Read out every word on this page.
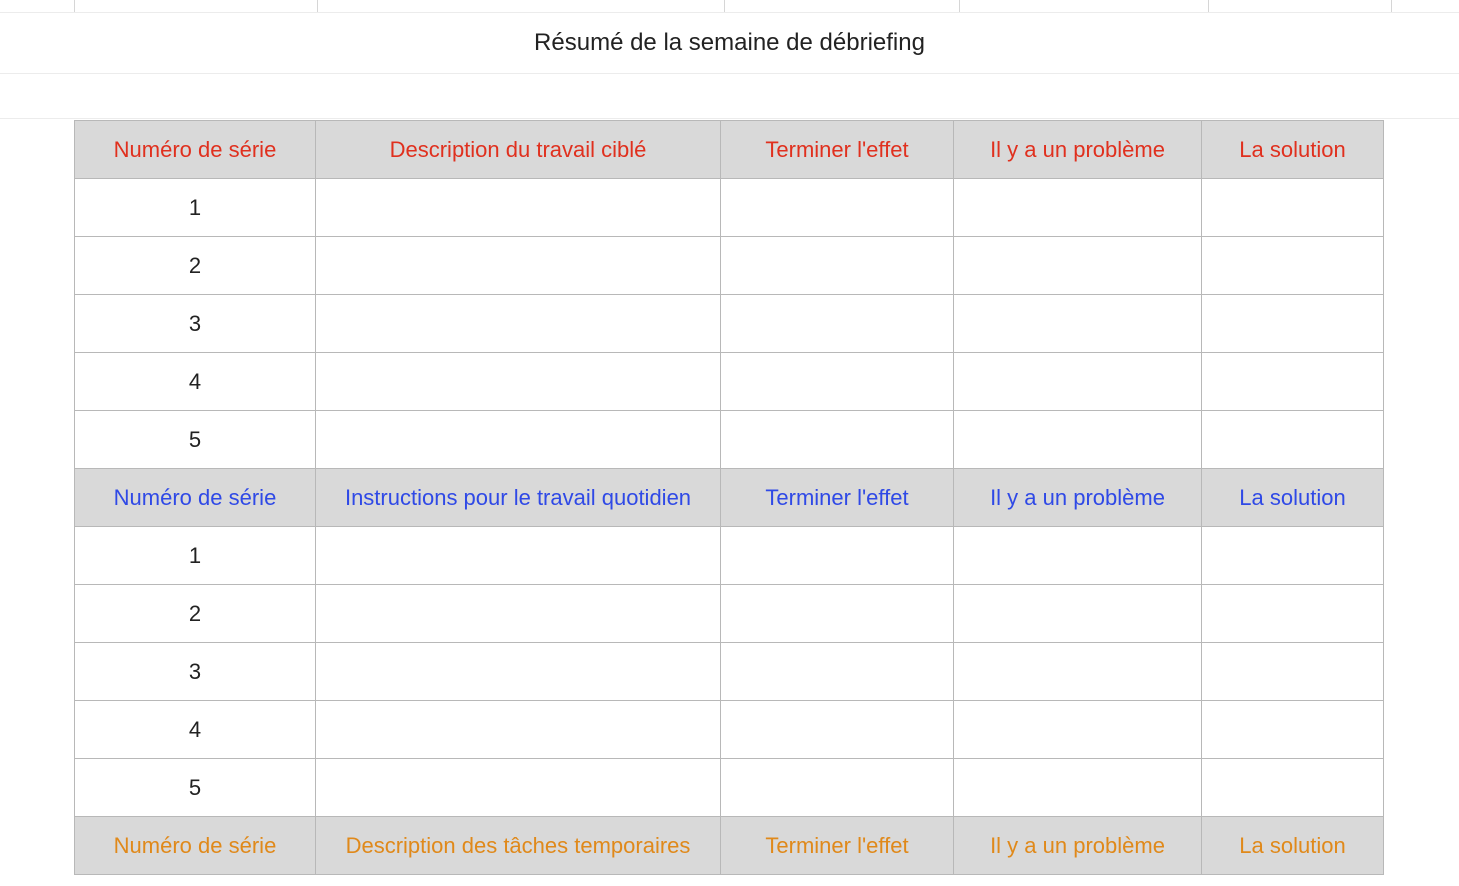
Résumé de la semaine de débriefing
Numéro de série	Description du travail ciblé	Terminer l'effet	Il y a un problème	La solution
1				
2				
3				
4				
5				
Numéro de série	Instructions pour le travail quotidien	Terminer l'effet	Il y a un problème	La solution
1				
2				
3				
4				
5				
Numéro de série	Description des tâches temporaires	Terminer l'effet	Il y a un problème	La solution
